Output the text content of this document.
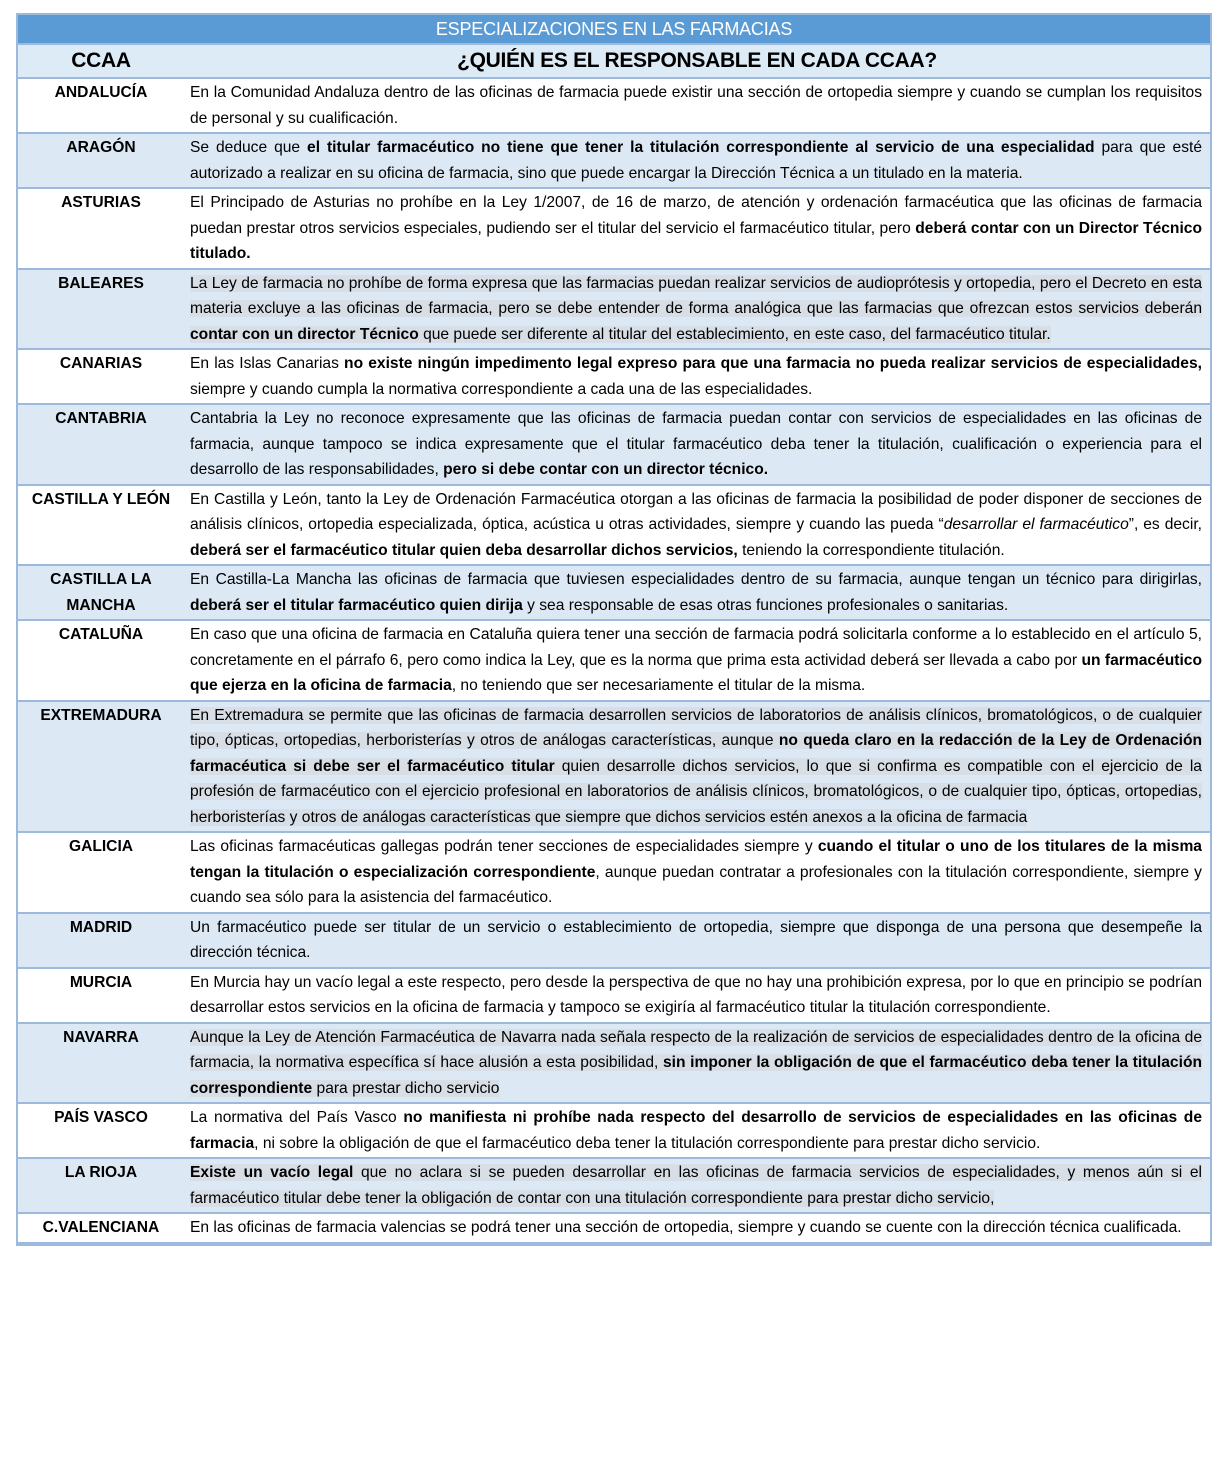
ESPECIALIZACIONES EN LAS FARMACIAS	
CCAA	¿QUIÉN ES EL RESPONSABLE EN CADA CCAA?
ANDALUCÍA	En la Comunidad Andaluza dentro de las oficinas de farmacia puede existir una sección de ortopedia siempre y cuando se cumplan los requisitos de personal y su cualificación.
ARAGÓN	Se deduce que el titular farmacéutico no tiene que tener la titulación correspondiente al servicio de una especialidad para que esté autorizado a realizar en su oficina de farmacia, sino que puede encargar la Dirección Técnica a un titulado en la materia.
ASTURIAS	El Principado de Asturias no prohíbe en la Ley 1/2007, de 16 de marzo, de atención y ordenación farmacéutica que las oficinas de farmacia puedan prestar otros servicios especiales, pudiendo ser el titular del servicio el farmacéutico titular, pero deberá contar con un Director Técnico titulado.
BALEARES	La Ley de farmacia no prohíbe de forma expresa que las farmacias puedan realizar servicios de audioprótesis y ortopedia, pero el Decreto en esta materia excluye a las oficinas de farmacia, pero se debe entender de forma analógica que las farmacias que ofrezcan estos servicios deberán contar con un director Técnico que puede ser diferente al titular del establecimiento, en este caso, del farmacéutico titular.
CANARIAS	En las Islas Canarias no existe ningún impedimento legal expreso para que una farmacia no pueda realizar servicios de especialidades, siempre y cuando cumpla la normativa correspondiente a cada una de las especialidades.
CANTABRIA	Cantabria la Ley no reconoce expresamente que las oficinas de farmacia puedan contar con servicios de especialidades en las oficinas de farmacia, aunque tampoco se indica expresamente que el titular farmacéutico deba tener la titulación, cualificación o experiencia para el desarrollo de las responsabilidades, pero si debe contar con un director técnico.
CASTILLA Y LEÓN	En Castilla y León, tanto la Ley de Ordenación Farmacéutica otorgan a las oficinas de farmacia la posibilidad de poder disponer de secciones de análisis clínicos, ortopedia especializada, óptica, acústica u otras actividades, siempre y cuando las pueda “desarrollar el farmacéutico”, es decir, deberá ser el farmacéutico titular quien deba desarrollar dichos servicios, teniendo la correspondiente titulación.
CASTILLA LA MANCHA	En Castilla-La Mancha las oficinas de farmacia que tuviesen especialidades dentro de su farmacia, aunque tengan un técnico para dirigirlas, deberá ser el titular farmacéutico quien dirija y sea responsable de esas otras funciones profesionales o sanitarias.
CATALUÑA	En caso que una oficina de farmacia en Cataluña quiera tener una sección de farmacia podrá solicitarla conforme a lo establecido en el artículo 5, concretamente en el párrafo 6, pero como indica la Ley, que es la norma que prima esta actividad deberá ser llevada a cabo por un farmacéutico que ejerza en la oficina de farmacia, no teniendo que ser necesariamente el titular de la misma.
EXTREMADURA	En Extremadura se permite que las oficinas de farmacia desarrollen servicios de laboratorios de análisis clínicos, bromatológicos, o de cualquier tipo, ópticas, ortopedias, herboristerías y otros de análogas características, aunque no queda claro en la redacción de la Ley de Ordenación farmacéutica si debe ser el farmacéutico titular quien desarrolle dichos servicios, lo que si confirma es compatible con el ejercicio de la profesión de farmacéutico con el ejercicio profesional en laboratorios de análisis clínicos, bromatológicos, o de cualquier tipo, ópticas, ortopedias, herboristerías y otros de análogas características que siempre que dichos servicios estén anexos a la oficina de farmacia
GALICIA	Las oficinas farmacéuticas gallegas podrán tener secciones de especialidades siempre y cuando el titular o uno de los titulares de la misma tengan la titulación o especialización correspondiente, aunque puedan contratar a profesionales con la titulación correspondiente, siempre y cuando sea sólo para la asistencia del farmacéutico.
MADRID	Un farmacéutico puede ser titular de un servicio o establecimiento de ortopedia, siempre que disponga de una persona que desempeñe la dirección técnica.
MURCIA	En Murcia hay un vacío legal a este respecto, pero desde la perspectiva de que no hay una prohibición expresa, por lo que en principio se podrían desarrollar estos servicios en la oficina de farmacia y tampoco se exigiría al farmacéutico titular la titulación correspondiente.
NAVARRA	Aunque la Ley de Atención Farmacéutica de Navarra nada señala respecto de la realización de servicios de especialidades dentro de la oficina de farmacia, la normativa específica sí hace alusión a esta posibilidad, sin imponer la obligación de que el farmacéutico deba tener la titulación correspondiente para prestar dicho servicio
PAÍS VASCO	La normativa del País Vasco no manifiesta ni prohíbe nada respecto del desarrollo de servicios de especialidades en las oficinas de farmacia, ni sobre la obligación de que el farmacéutico deba tener la titulación correspondiente para prestar dicho servicio.
LA RIOJA	Existe un vacío legal que no aclara si se pueden desarrollar en las oficinas de farmacia servicios de especialidades, y menos aún si el farmacéutico titular debe tener la obligación de contar con una titulación correspondiente para prestar dicho servicio,
C.VALENCIANA	En las oficinas de farmacia valencias se podrá tener una sección de ortopedia, siempre y cuando se cuente con la dirección técnica cualificada.
